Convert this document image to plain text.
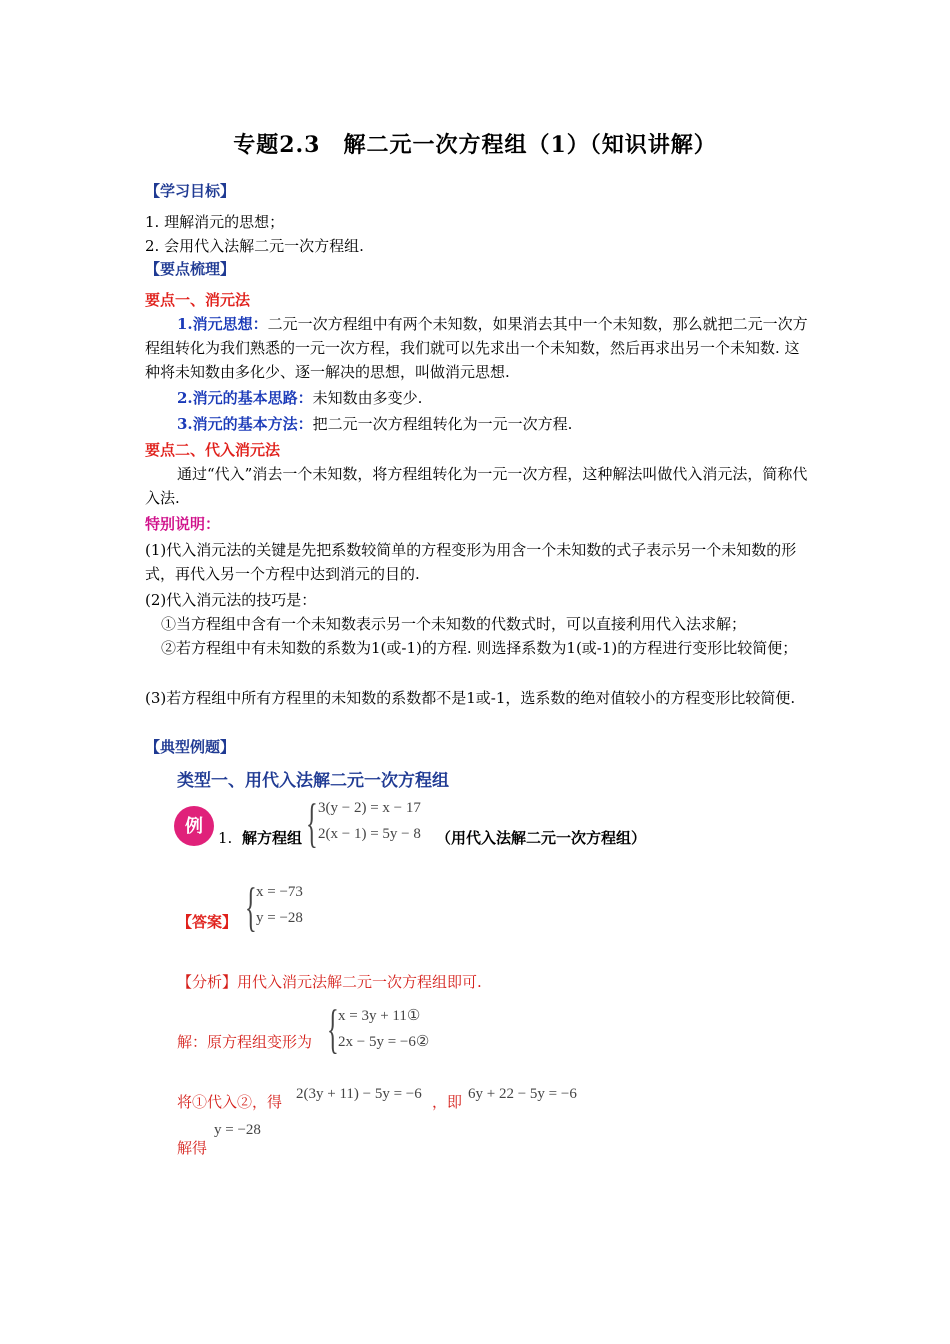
专题2.3　解二元一次方程组（1）（知识讲解）
【学习目标】
1. 理解消元的思想；
2. 会用代入法解二元一次方程组.
【要点梳理】
要点一、消元法
1.消元思想：二元一次方程组中有两个未知数，如果消去其中一个未知数，那么就把二元一次方程组转化为我们熟悉的一元一次方程，我们就可以先求出一个未知数，然后再求出另一个未知数. 这种将未知数由多化少、逐一解决的思想，叫做消元思想.
2.消元的基本思路：未知数由多变少.
3.消元的基本方法：把二元一次方程组转化为一元一次方程.
要点二、代入消元法
通过“代入”消去一个未知数，将方程组转化为一元一次方程，这种解法叫做代入消元法，简称代入法.
特别说明：
(1)代入消元法的关键是先把系数较简单的方程变形为用含一个未知数的式子表示另一个未知数的形式，再代入另一个方程中达到消元的目的.
(2)代入消元法的技巧是：
①当方程组中含有一个未知数表示另一个未知数的代数式时，可以直接利用代入法求解；
②若方程组中有未知数的系数为1(或-1)的方程. 则选择系数为1(或-1)的方程进行变形比较简便；
(3)若方程组中所有方程里的未知数的系数都不是1或-1，选系数的绝对值较小的方程变形比较简便.
【典型例题】
类型一、用代入法解二元一次方程组
例
1. 解方程组 { 3(y − 2) = x − 17
2(x − 1) = 5y − 8 （用代入法解二元一次方程组）
【答案】 { x = −73
y = −28
【分析】用代入消元法解二元一次方程组即可.
解：原方程组变形为 { x = 3y + 11①
2x − 5y = −6②
将①代入②，得 2(3y + 11) − 5y = −6 ，即 6y + 22 − 5y = −6
解得
y = −28
